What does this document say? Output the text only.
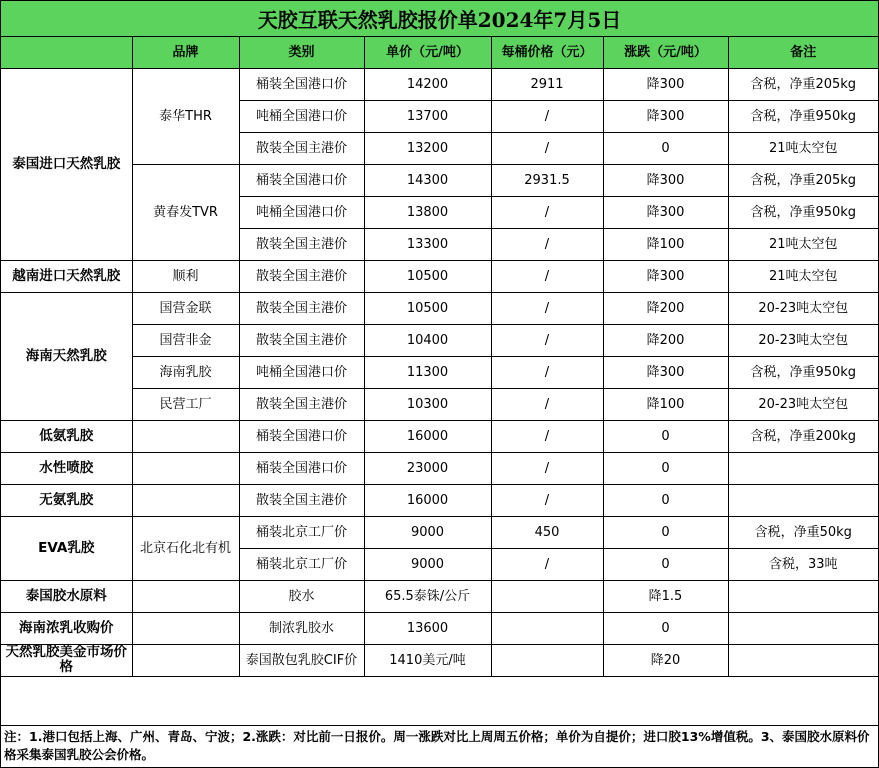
天胶互联天然乳胶报价单2024年7月5日
	品牌	类别	单价（元/吨）	每桶价格（元）	涨跌（元/吨）	备注
泰国进口天然乳胶	泰华THR	桶装全国港口价	14200	2911	降300	含税，净重205kg
		吨桶全国港口价	13700	/	降300	含税，净重950kg
		散装全国主港价	13200	/	0	21吨太空包
	黄春发TVR	桶装全国港口价	14300	2931.5	降300	含税，净重205kg
		吨桶全国港口价	13800	/	降300	含税，净重950kg
		散装全国主港价	13300	/	降100	21吨太空包
越南进口天然乳胶	顺利	散装全国主港价	10500	/	降300	21吨太空包
海南天然乳胶	国营金联	散装全国主港价	10500	/	降200	20-23吨太空包
	国营非金	散装全国主港价	10400	/	降200	20-23吨太空包
	海南乳胶	吨桶全国港口价	11300	/	降300	含税，净重950kg
	民营工厂	散装全国主港价	10300	/	降100	20-23吨太空包
低氨乳胶		桶装全国港口价	16000	/	0	含税，净重200kg
水性喷胶		桶装全国港口价	23000	/	0	
无氨乳胶		散装全国主港价	16000	/	0	
EVA乳胶	北京石化北有机	桶装北京工厂价	9000	450	0	含税，净重50kg
		桶装北京工厂价	9000	/	0	含税，33吨
泰国胶水原料		胶水	65.5泰铢/公斤		降1.5	
海南浓乳收购价		制浓乳胶水	13600		0	
天然乳胶美金市场价格		泰国散包乳胶CIF价	1410美元/吨		降20	
注：1.港口包括上海、广州、青岛、宁波；2.涨跌：对比前一日报价。周一涨跌对比上周周五价格；单价为自提价；进口胶13%增值税。3、泰国胶水原料价格采集泰国乳胶公会价格。
